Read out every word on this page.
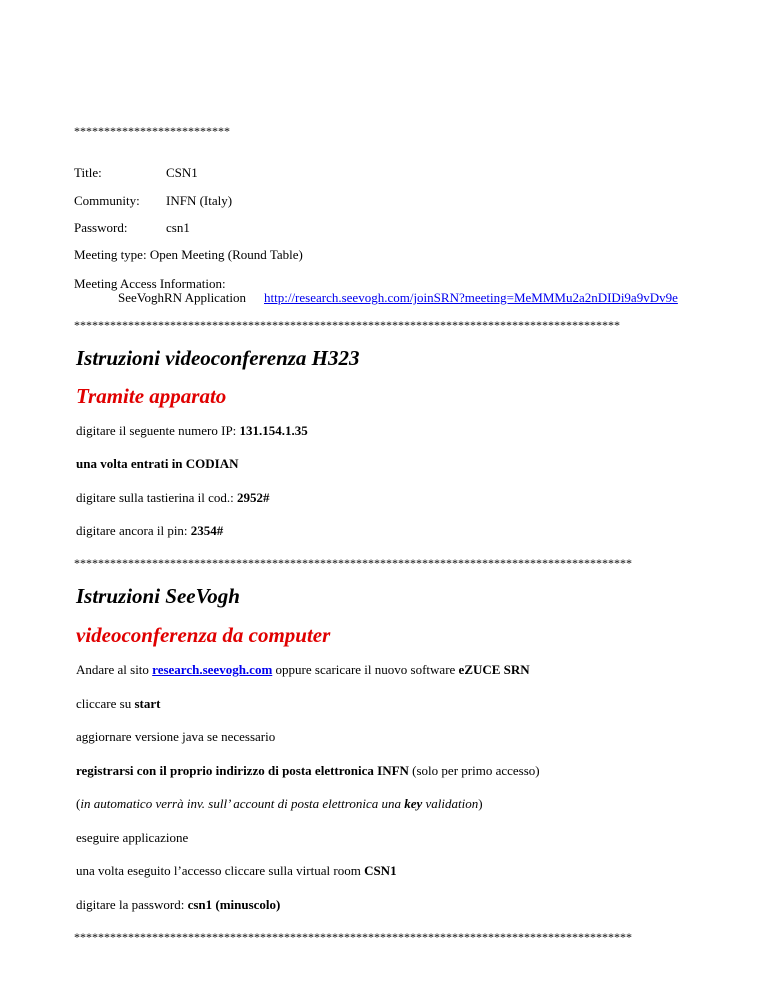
**************************
Title:	CSN1
Community: INFN (Italy)
Password:	csn1
Meeting type: Open Meeting (Round Table)
Meeting Access Information:
SeeVoghRN Application http://research.seevogh.com/joinSRN?meeting=MeMMMu2a2nDIDi9a9vDv9e
*******************************************************************************************
Istruzioni videoconferenza H323
Tramite apparato
digitare il seguente numero IP: 131.154.1.35
una volta entrati in CODIAN
digitare sulla tastierina il cod.: 2952#
digitare ancora il pin: 2354#
*********************************************************************************************
Istruzioni SeeVogh
videoconferenza da computer
Andare al sito research.seevogh.com oppure scaricare il nuovo software eZUCE SRN
cliccare su start
aggiornare versione java se necessario
registrarsi con il proprio indirizzo di posta elettronica INFN (solo per primo accesso)
(in automatico verrà inv. sull’ account di posta elettronica una key validation)
eseguire applicazione
una volta eseguito l’accesso cliccare sulla virtual room CSN1
digitare la password: csn1 (minuscolo)
*********************************************************************************************
